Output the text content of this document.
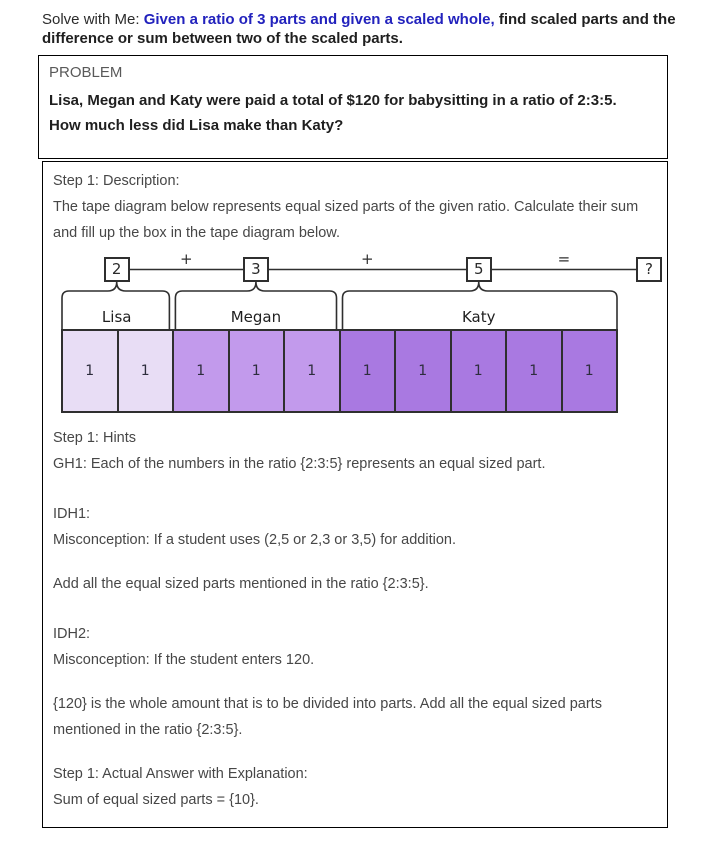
Solve with Me: Given a ratio of 3 parts and given a scaled whole, find scaled parts and the difference or sum between two of the scaled parts.
PROBLEM
Lisa, Megan and Katy were paid a total of $120 for babysitting in a ratio of 2:3:5.
How much less did Lisa make than Katy?
Step 1: Description:
The tape diagram below represents equal sized parts of the given ratio. Calculate their sum and fill up the box in the tape diagram below.
1	1	1	1	1	1	1	1	1	1
2
Lisa
3
Megan
5
Katy
?
+	+	=
Step 1: Hints
GH1: Each of the numbers in the ratio {2:3:5} represents an equal sized part.
IDH1:
Misconception: If a student uses (2,5 or 2,3 or 3,5) for addition.
Add all the equal sized parts mentioned in the ratio {2:3:5}.
IDH2:
Misconception: If the student enters 120.
{120} is the whole amount that is to be divided into parts. Add all the equal sized parts mentioned in the ratio {2:3:5}.
Step 1: Actual Answer with Explanation:
Sum of equal sized parts = {10}.
